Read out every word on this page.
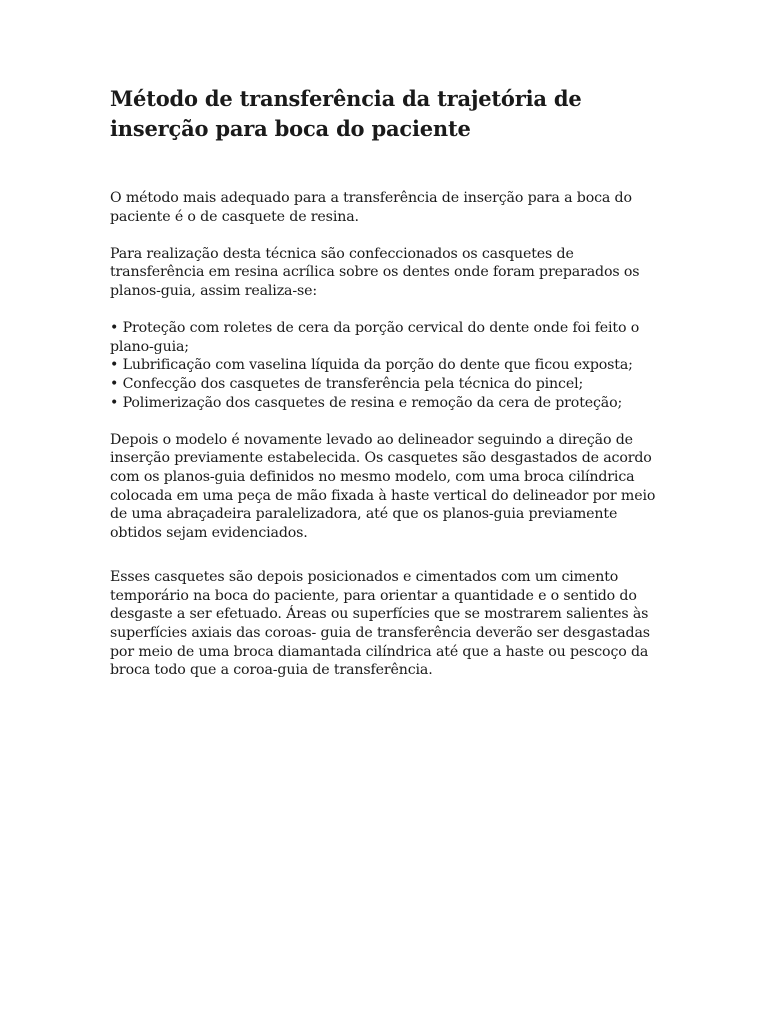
Método de transferência da trajetória de inserção para boca do paciente

O método mais adequado para a transferência de inserção para a boca do paciente é o de casquete de resina.

Para realização desta técnica são confeccionados os casquetes de transferência em resina acrílica sobre os dentes onde foram preparados os planos-guia, assim realiza-se:

• Proteção com roletes de cera da porção cervical do dente onde foi feito o plano-guia;
• Lubrificação com vaselina líquida da porção do dente que ficou exposta;
• Confecção dos casquetes de transferência pela técnica do pincel;
• Polimerização dos casquetes de resina e remoção da cera de proteção;

Depois o modelo é novamente levado ao delineador seguindo a direção de inserção previamente estabelecida. Os casquetes são desgastados de acordo com os planos-guia definidos no mesmo modelo, com uma broca cilíndrica colocada em uma peça de mão fixada à haste vertical do delineador por meio de uma abraçadeira paralelizadora, até que os planos-guia previamente obtidos sejam evidenciados.

Esses casquetes são depois posicionados e cimentados com um cimento temporário na boca do paciente, para orientar a quantidade e o sentido do desgaste a ser efetuado. Áreas ou superfícies que se mostrarem salientes às superfícies axiais das coroas- guia de transferência deverão ser desgastadas por meio de uma broca diamantada cilíndrica até que a haste ou pescoço da broca todo que a coroa-guia de transferência.
